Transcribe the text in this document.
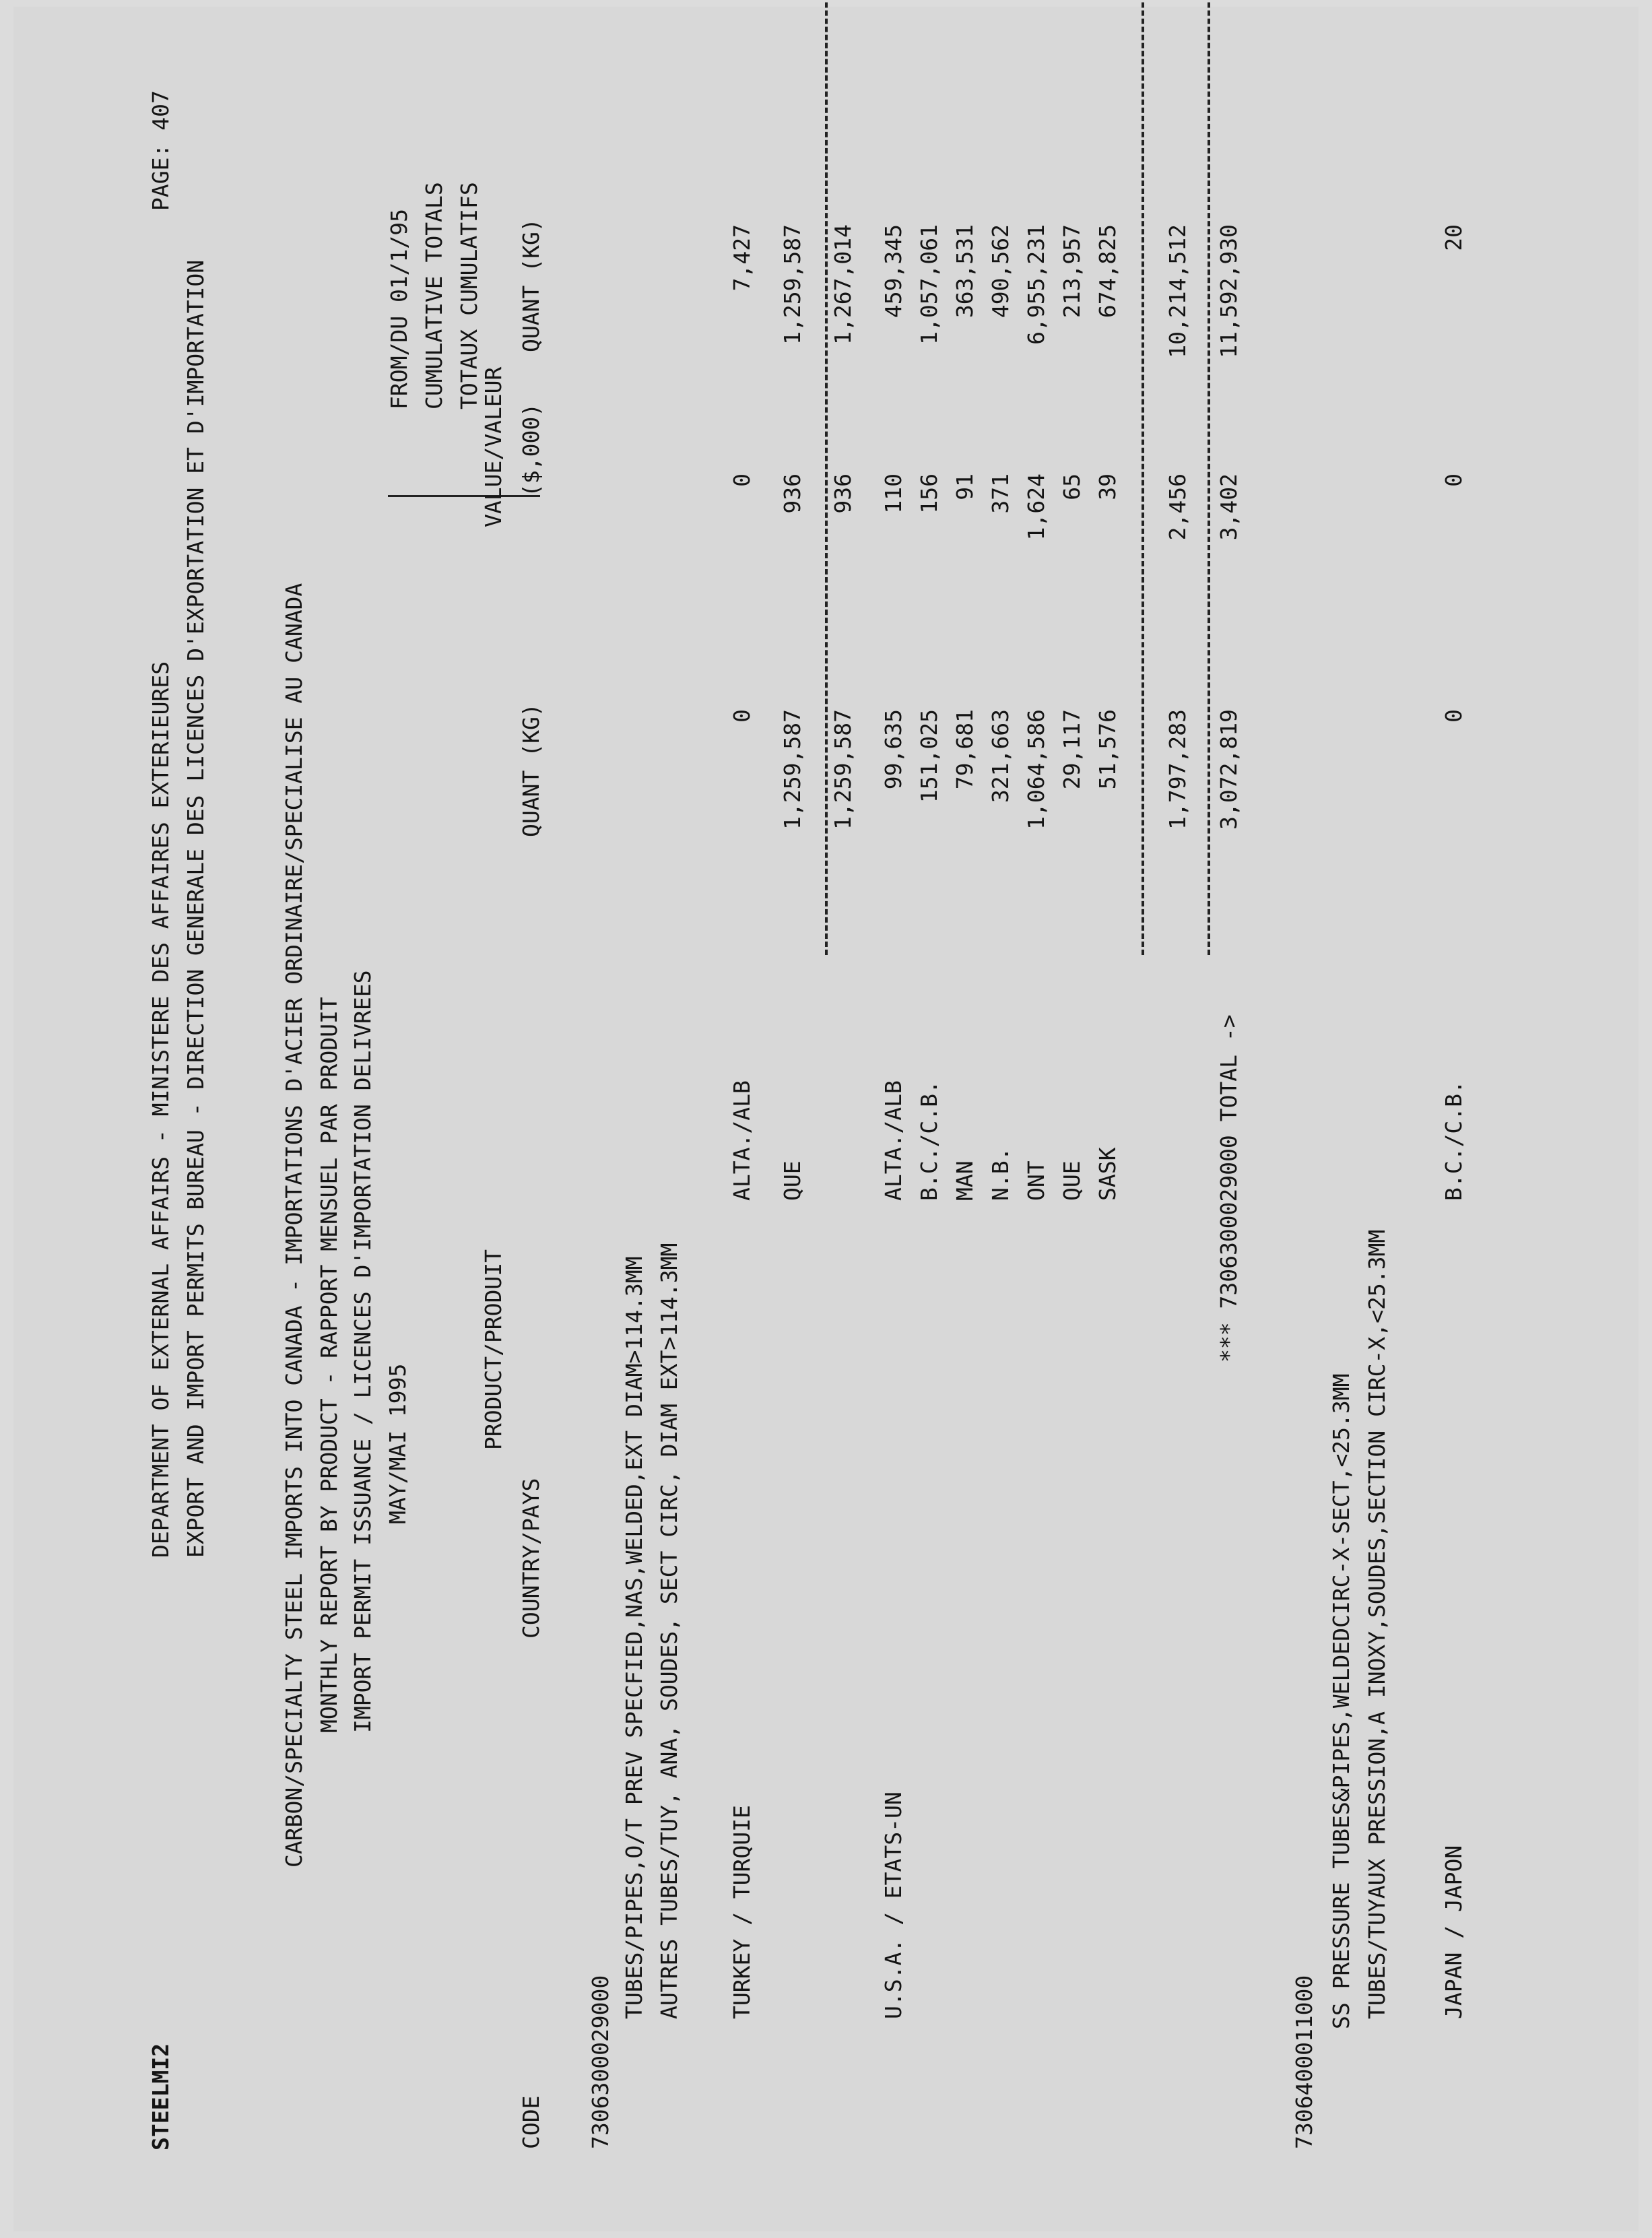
STEELMI2
DEPARTMENT OF EXTERNAL AFFAIRS - MINISTERE DES AFFAIRES EXTERIEURES
PAGE: 407
EXPORT AND IMPORT PERMITS BUREAU - DIRECTION GENERALE DES LICENCES D'EXPORTATION ET D'IMPORTATION	CARBON/SPECIALTY STEEL IMPORTS INTO CANADA - IMPORTATIONS D'ACIER ORDINAIRE/SPECIALISE AU CANADA MONTHLY REPORT BY PRODUCT - RAPPORT MENSUEL PAR PRODUIT IMPORT PERMIT ISSUANCE / LICENCES D'IMPORTATION DELIVREES MAY/MAI 1995
FROM/DU 01/1/95 CUMULATIVE TOTALS TOTAUX CUMULATIFS
PRODUCT/PRODUIT
VALUE/VALEUR
CODE
COUNTRY/PAYS
QUANT (KG)
($,000)
QUANT (KG)
7306300029000
TUBES/PIPES,O/T PREV SPECFIED,NAS,WELDED,EXT DIAM>114.3MM AUTRES TUBES/TUY, ANA, SOUDES, SECT CIRC, DIAM EXT>114.3MM TURKEY / TURQUIE
ALTA./ALB
0
0
7,427
QUE
1,259,587
936
1,259,587
1,259,587
936
1,267,014
U.S.A. / ETATS-UN
ALTA./ALB
99,635
110
459,345
B.C./C.B.
151,025
156
1,057,061
MAN
79,681
91
363,531
N.B.
321,663
371
490,562
ONT
1,064,586
1,624
6,955,231
QUE
29,117
65
213,957
SASK
51,576
39
674,825
1,797,283
2,456
10,214,512
*** 7306300029000 TOTAL ->
3,072,819
3,402
11,592,930
7306400011000
SS PRESSURE TUBES&PIPES,WELDEDCIRC-X-SECT,<25.3MM TUBES/TUYAUX PRESSION,A INOXY,SOUDES,SECTION CIRC-X,<25.3MM JAPAN / JAPON
B.C./C.B.
0
0
20
